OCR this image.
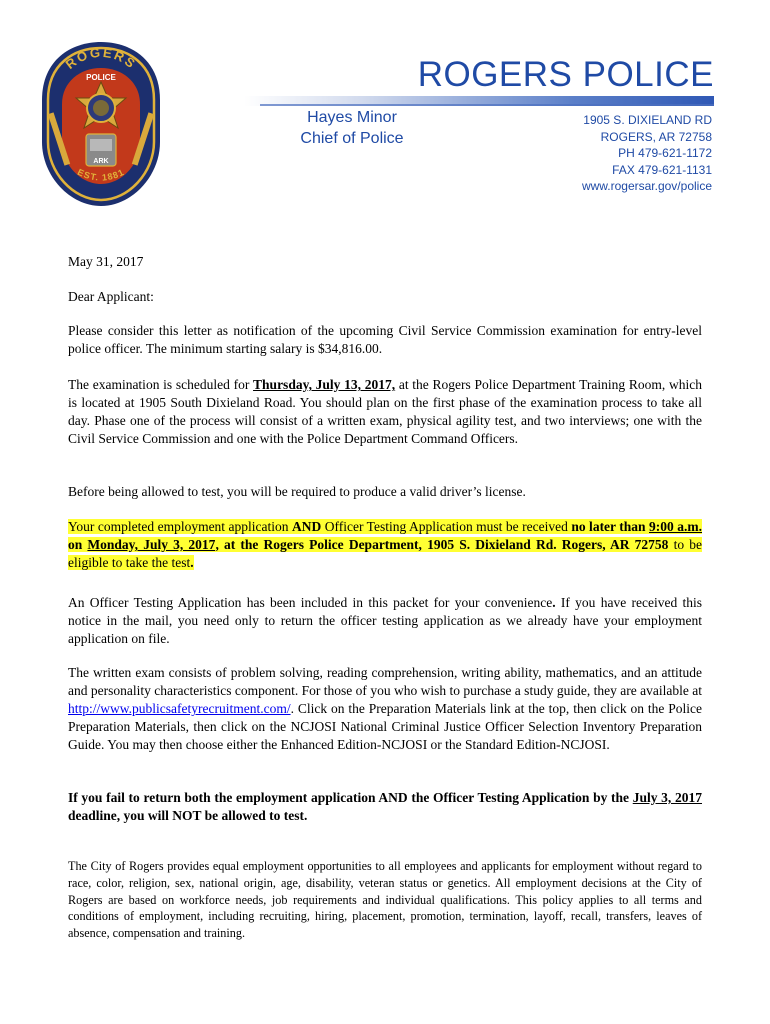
ARK
ROGERS
POLICE
EST. 1881
ROGERS POLICE
Hayes Minor
Chief of Police
1905 S. DIXIELAND RD
ROGERS, AR 72758
PH 479-621-1172
FAX 479-621-1131
www.rogersar.gov/police

May 31, 2017

Dear Applicant:

Please consider this letter as notification of the upcoming Civil Service Commission examination for entry-level police officer. The minimum starting salary is $34,816.00.

The examination is scheduled for Thursday, July 13, 2017, at the Rogers Police Department Training Room, which is located at 1905 South Dixieland Road. You should plan on the first phase of the examination process to take all day. Phase one of the process will consist of a written exam, physical agility test, and two interviews; one with the Civil Service Commission and one with the Police Department Command Officers.

Before being allowed to test, you will be required to produce a valid driver’s license.

Your completed employment application AND Officer Testing Application must be received no later than 9:00 a.m. on Monday, July 3, 2017, at the Rogers Police Department, 1905 S. Dixieland Rd. Rogers, AR 72758 to be eligible to take the test.

An Officer Testing Application has been included in this packet for your convenience. If you have received this notice in the mail, you need only to return the officer testing application as we already have your employment application on file.

The written exam consists of problem solving, reading comprehension, writing ability, mathematics, and an attitude and personality characteristics component. For those of you who wish to purchase a study guide, they are available at http://www.publicsafetyrecruitment.com/. Click on the Preparation Materials link at the top, then click on the Police Preparation Materials, then click on the NCJOSI National Criminal Justice Officer Selection Inventory Preparation Guide. You may then choose either the Enhanced Edition-NCJOSI or the Standard Edition-NCJOSI.

If you fail to return both the employment application AND the Officer Testing Application by the July 3, 2017 deadline, you will NOT be allowed to test.

The City of Rogers provides equal employment opportunities to all employees and applicants for employment without regard to race, color, religion, sex, national origin, age, disability, veteran status or genetics. All employment decisions at the City of Rogers are based on workforce needs, job requirements and individual qualifications. This policy applies to all terms and conditions of employment, including recruiting, hiring, placement, promotion, termination, layoff, recall, transfers, leaves of absence, compensation and training.
